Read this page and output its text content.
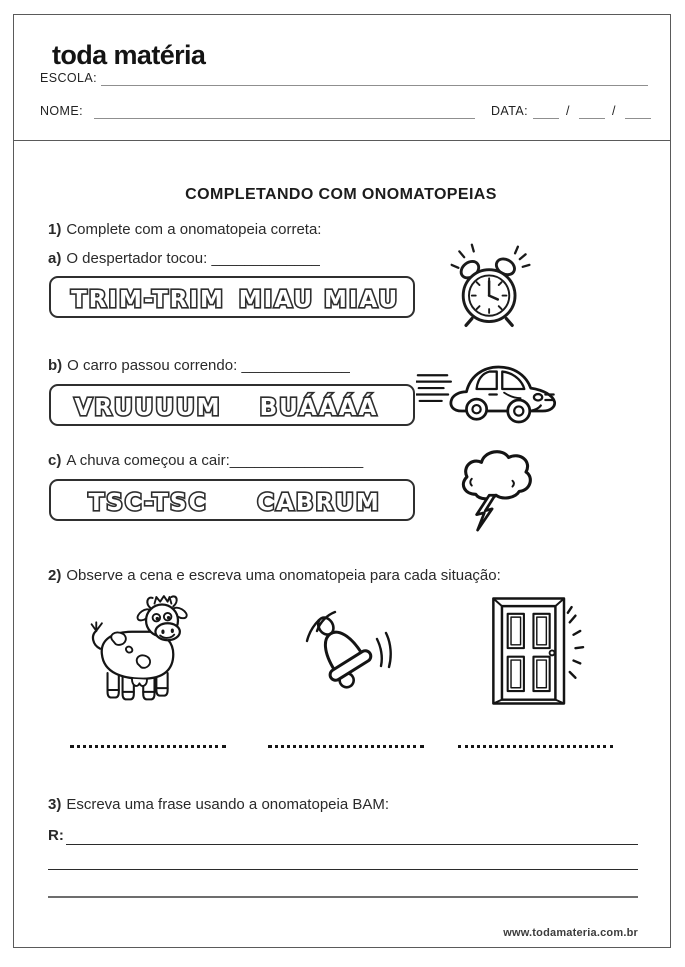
toda matéria
ESCOLA:
NOME:	DATA:	/	/
COMPLETANDO COM ONOMATOPEIAS
1) Complete com a onomatopeia correta:
a) O despertador tocou: _____________
TRIM-TRIM MIAU MIAU
b) O carro passou correndo: _____________
VRUUUUM BUÁÁÁÁ
c) A chuva começou a cair:________________
TSC-TSC CABRUM
2) Observe a cena e escreva uma onomatopeia para cada situação:
3) Escreva uma frase usando a onomatopeia BAM:
R:
www.todamateria.com.br
